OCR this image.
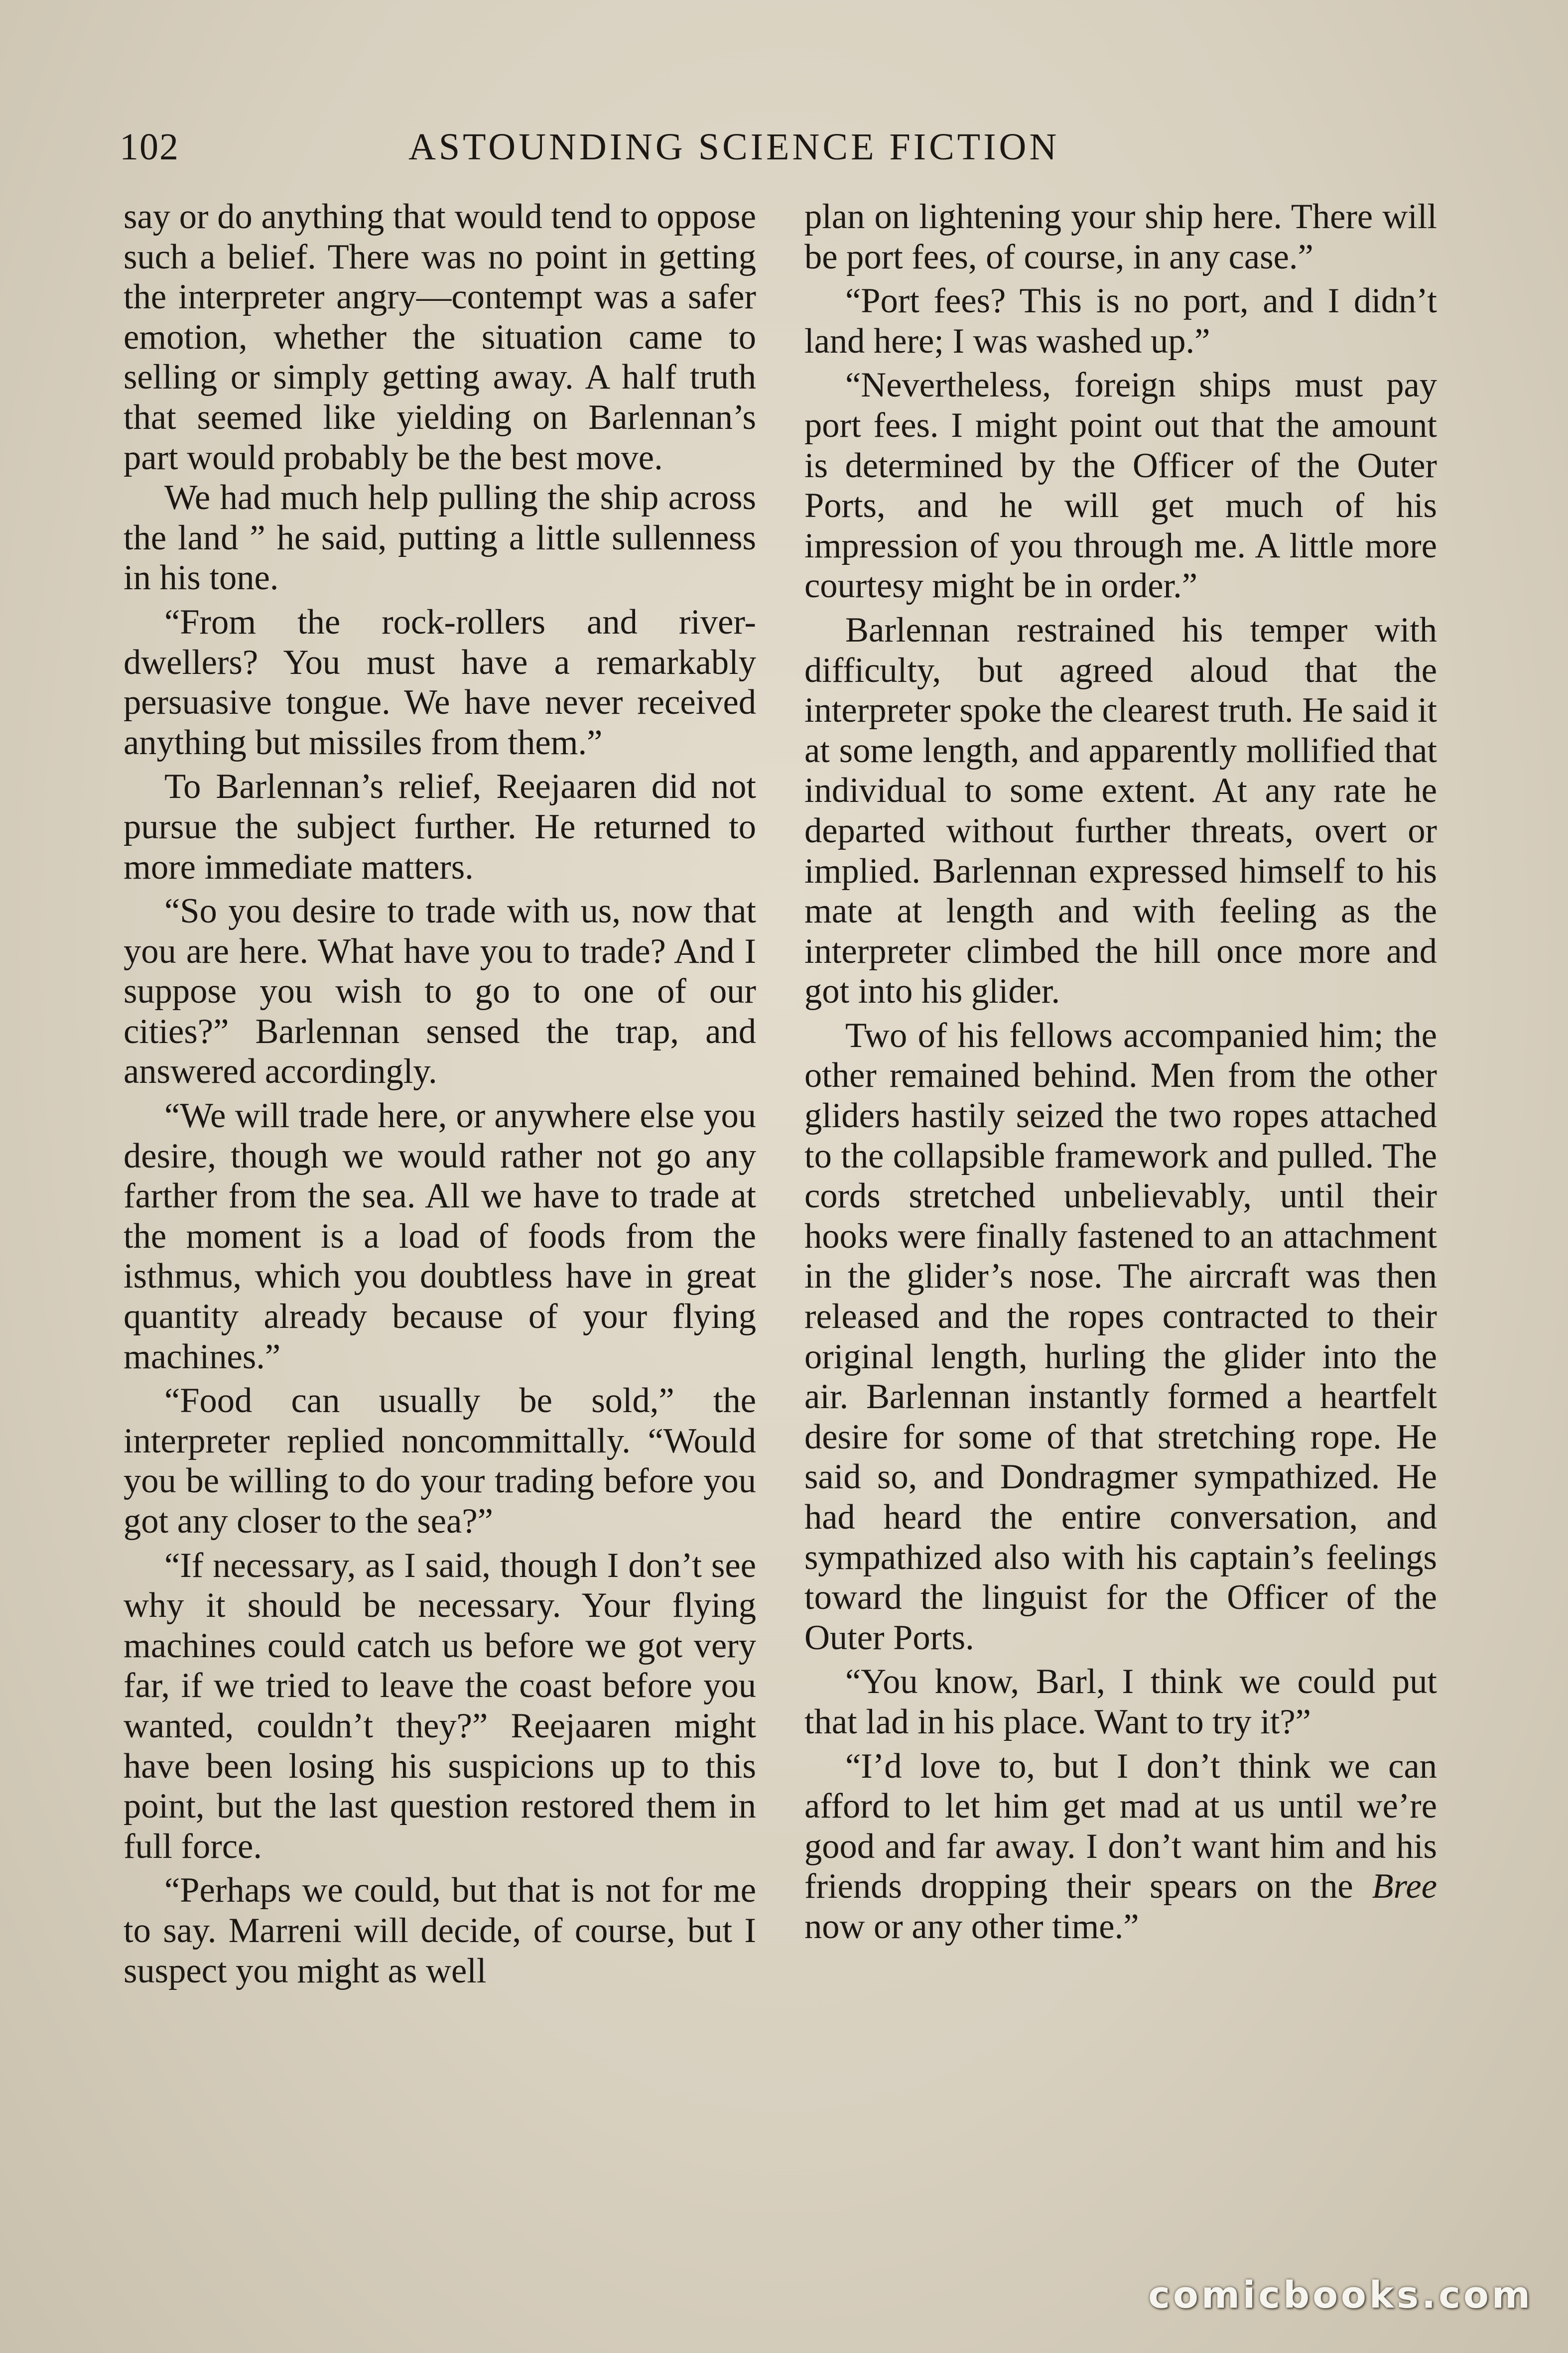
102	ASTOUNDING SCIENCE FICTION

say or do anything that would tend to oppose such a belief. There was no point in getting the interpreter angry—contempt was a safer emotion, whether the situation came to selling or simply getting away. A half truth that seemed like yielding on Barlennan’s part would probably be the best move.

We had much help pulling the ship across the land ” he said, putting a little sullenness in his tone.

“From the rock-rollers and river-dwellers? You must have a remarkably persuasive tongue. We have never received anything but missiles from them.”

To Barlennan’s relief, Reejaaren did not pursue the subject further. He returned to more immediate matters.

“So you desire to trade with us, now that you are here. What have you to trade? And I suppose you wish to go to one of our cities?” Barlennan sensed the trap, and answered accordingly.

“We will trade here, or anywhere else you desire, though we would rather not go any farther from the sea. All we have to trade at the moment is a load of foods from the isthmus, which you doubtless have in great quantity already because of your flying machines.”

“Food can usually be sold,” the interpreter replied noncommittally. “Would you be willing to do your trading before you got any closer to the sea?”

“If necessary, as I said, though I don’t see why it should be necessary. Your flying machines could catch us before we got very far, if we tried to leave the coast before you wanted, couldn’t they?” Reejaaren might have been losing his suspicions up to this point, but the last question restored them in full force.

“Perhaps we could, but that is not for me to say. Marreni will decide, of course, but I suspect you might as well

plan on lightening your ship here. There will be port fees, of course, in any case.”

“Port fees? This is no port, and I didn’t land here; I was washed up.”

“Nevertheless, foreign ships must pay port fees. I might point out that the amount is determined by the Officer of the Outer Ports, and he will get much of his impression of you through me. A little more courtesy might be in order.”

Barlennan restrained his temper with difficulty, but agreed aloud that the interpreter spoke the clearest truth. He said it at some length, and apparently mollified that individual to some extent. At any rate he departed without further threats, overt or implied. Barlennan expressed himself to his mate at length and with feeling as the interpreter climbed the hill once more and got into his glider.

Two of his fellows accompanied him; the other remained behind. Men from the other gliders hastily seized the two ropes attached to the collapsible framework and pulled. The cords stretched unbelievably, until their hooks were finally fastened to an attachment in the glider’s nose. The aircraft was then released and the ropes contracted to their original length, hurling the glider into the air. Barlennan instantly formed a heartfelt desire for some of that stretching rope. He said so, and Dondragmer sympathized. He had heard the entire conversation, and sympathized also with his captain’s feelings toward the linguist for the Officer of the Outer Ports.

“You know, Barl, I think we could put that lad in his place. Want to try it?”

“I’d love to, but I don’t think we can afford to let him get mad at us until we’re good and far away. I don’t want him and his friends dropping their spears on the Bree now or any other time.”

comicbooks.com
